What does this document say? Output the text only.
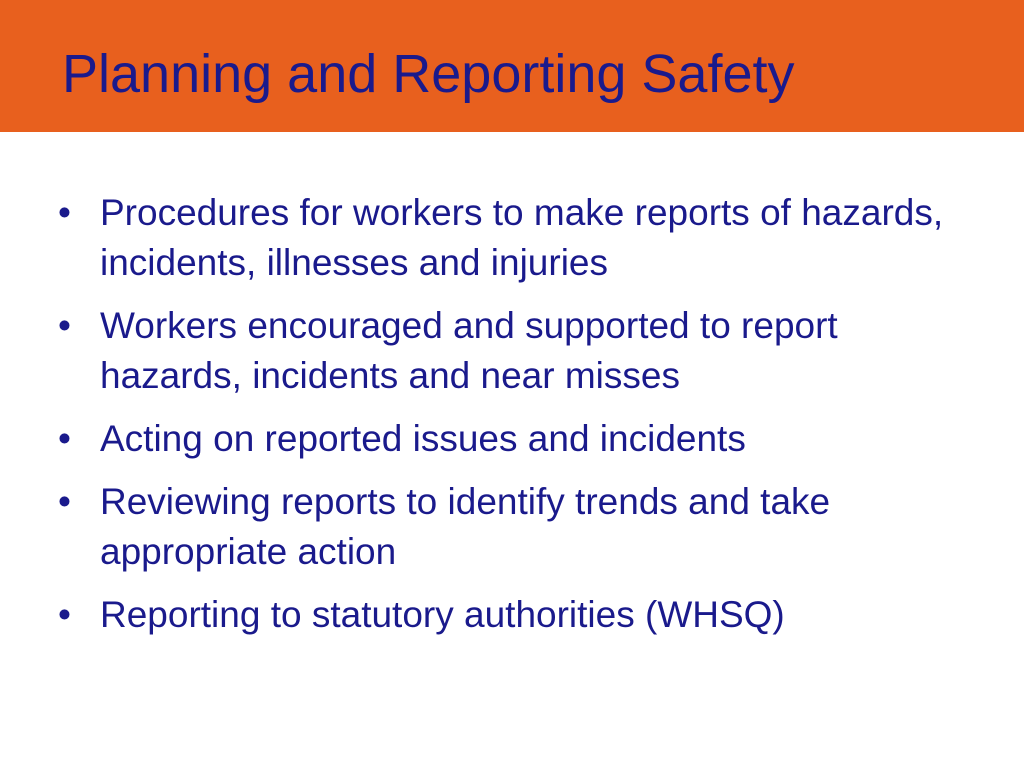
Planning and Reporting Safety
• Procedures for workers to make reports of hazards, incidents, illnesses and injuries
• Workers encouraged and supported to report hazards, incidents and near misses
• Acting on reported issues and incidents
• Reviewing reports to identify trends and take appropriate action
• Reporting to statutory authorities (WHSQ)
